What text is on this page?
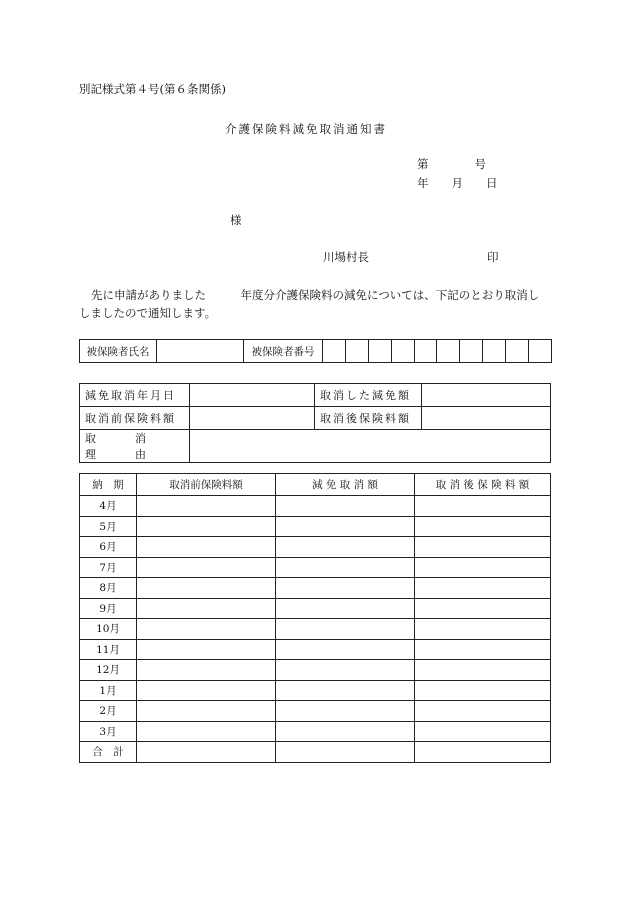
別記様式第４号(第６条関係)
介護保険料減免取消通知書
第　　　　号
年　　月　　日
様
川場村長	印
先に申請がありました　　　年度分介護保険料の減免については、下記のとおり取消し
しましたので通知します。
被保険者氏名		被保険者番号										
減免取消年月日		取消した減免額	
取消前保険料額		取消後保険料額	
取　消　理　由			
納　期	取消前保険料額	減 免 取 消 額	取 消 後 保 険 料 額
4月			
5月			
6月			
7月			
8月			
9月			
10月			
11月			
12月			
1月			
2月			
3月			
合　計			
